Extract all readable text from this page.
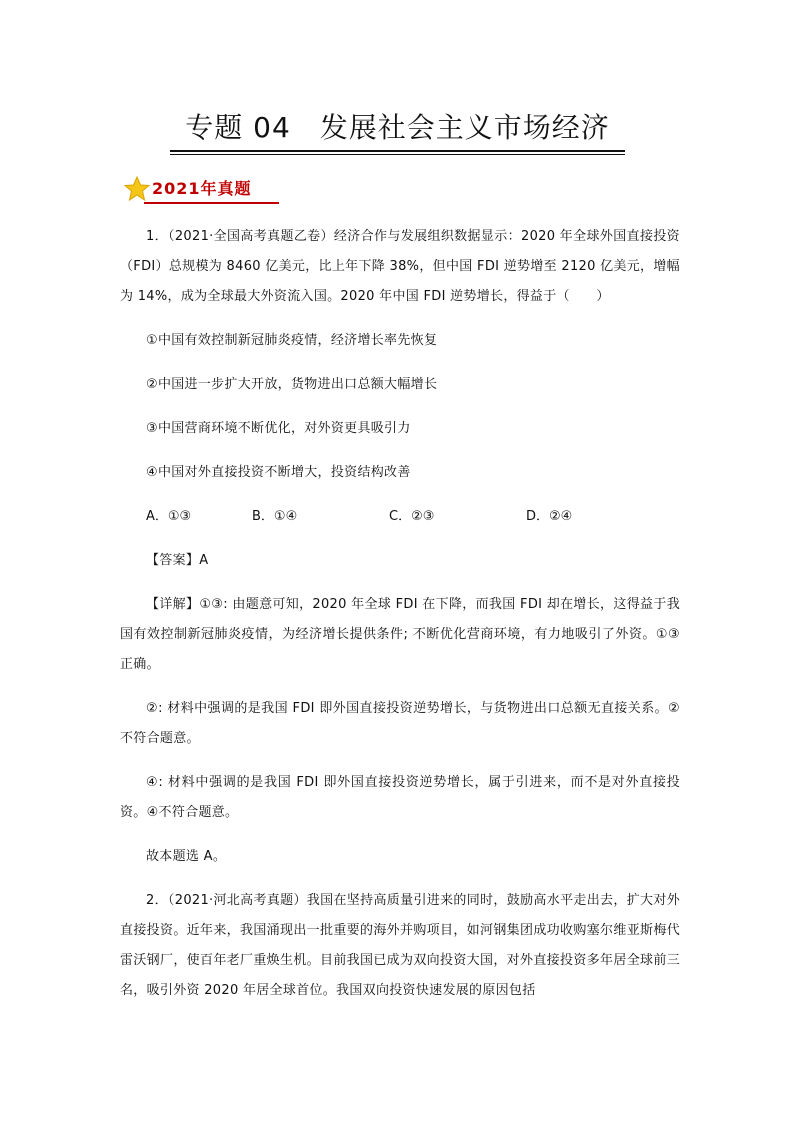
专题 04　发展社会主义市场经济
2021年真题

1．（2021·全国高考真题乙卷）经济合作与发展组织数据显示：2020 年全球外国直接投资（FDI）总规模为 8460 亿美元，比上年下降 38%，但中国 FDI 逆势增至 2120 亿美元，增幅为 14%，成为全球最大外资流入国。2020 年中国 FDI 逆势增长，得益于（　　）

①中国有效控制新冠肺炎疫情，经济增长率先恢复

②中国进一步扩大开放，货物进出口总额大幅增长

③中国营商环境不断优化，对外资更具吸引力

④中国对外直接投资不断增大，投资结构改善

A．①③	B．①④	C．②③	D．②④

【答案】A

【详解】①③: 由题意可知，2020 年全球 FDI 在下降，而我国 FDI 却在增长，这得益于我国有效控制新冠肺炎疫情，为经济增长提供条件; 不断优化营商环境，有力地吸引了外资。①③正确。

②: 材料中强调的是我国 FDI 即外国直接投资逆势增长，与货物进出口总额无直接关系。②不符合题意。

④: 材料中强调的是我国 FDI 即外国直接投资逆势增长，属于引进来，而不是对外直接投资。④不符合题意。

故本题选 A。

2．（2021·河北高考真题）我国在坚持高质量引进来的同时，鼓励高水平走出去，扩大对外直接投资。近年来，我国涌现出一批重要的海外并购项目，如河钢集团成功收购塞尔维亚斯梅代雷沃钢厂，使百年老厂重焕生机。目前我国已成为双向投资大国，对外直接投资多年居全球前三名，吸引外资 2020 年居全球首位。我国双向投资快速发展的原因包括
